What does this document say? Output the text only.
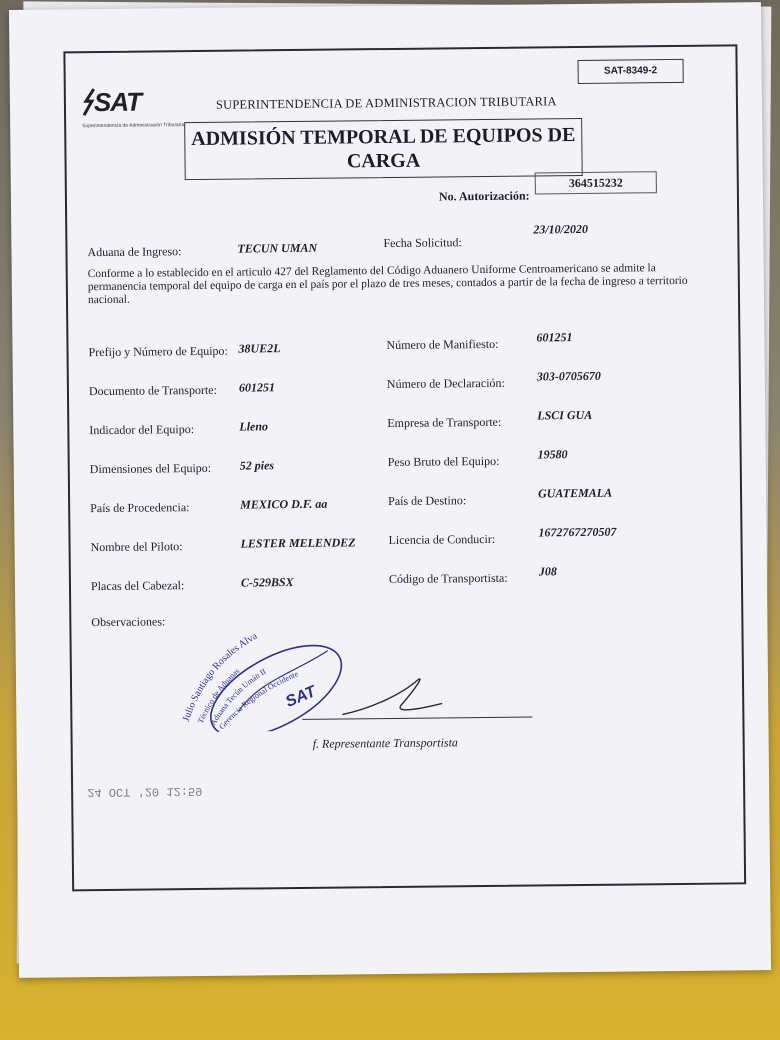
SAT
Superintendencia de Administración Tributaria
SUPERINTENDENCIA DE ADMINISTRACION TRIBUTARIA
SAT-8349-2
ADMISIÓN TEMPORAL DE EQUIPOS DE
CARGA
No. Autorización:
364515232
Aduana de Ingreso:	TECUN UMAN	Fecha Solicitud:
23/10/2020
Conforme a lo establecido en el articulo 427 del Reglamento del Código Aduanero Uniforme Centroamericano se admite la permanencia temporal del equipo de carga en el país por el plazo de tres meses, contados a partir de la fecha de ingreso a territorio nacional.
Prefijo y Número de Equipo: 38UE2L
Documento de Transporte: 601251
Indicador del Equipo:	Lleno
Dimensiones del Equipo: 52 pies
País de Procedencia:	MEXICO D.F. aa
Nombre del Piloto:	LESTER MELENDEZ
Placas del Cabezal:	C-529BSX
Número de Manifiesto:	601251
Número de Declaración:	303-0705670
Empresa de Transporte:	LSCI GUA
Peso Bruto del Equipo:	19580
País de Destino:
GUATEMALA
Licencia de Conducir:	1672767270507
Código de Transportista:	J08
Observaciones:
Julio Santiago Rosales Alva
Técnico de Aduanas
Aduana Tecún Umán II
Gerencia Regional Occidente
SAT
f. Representante Transportista
24 OCT '20 12:59
